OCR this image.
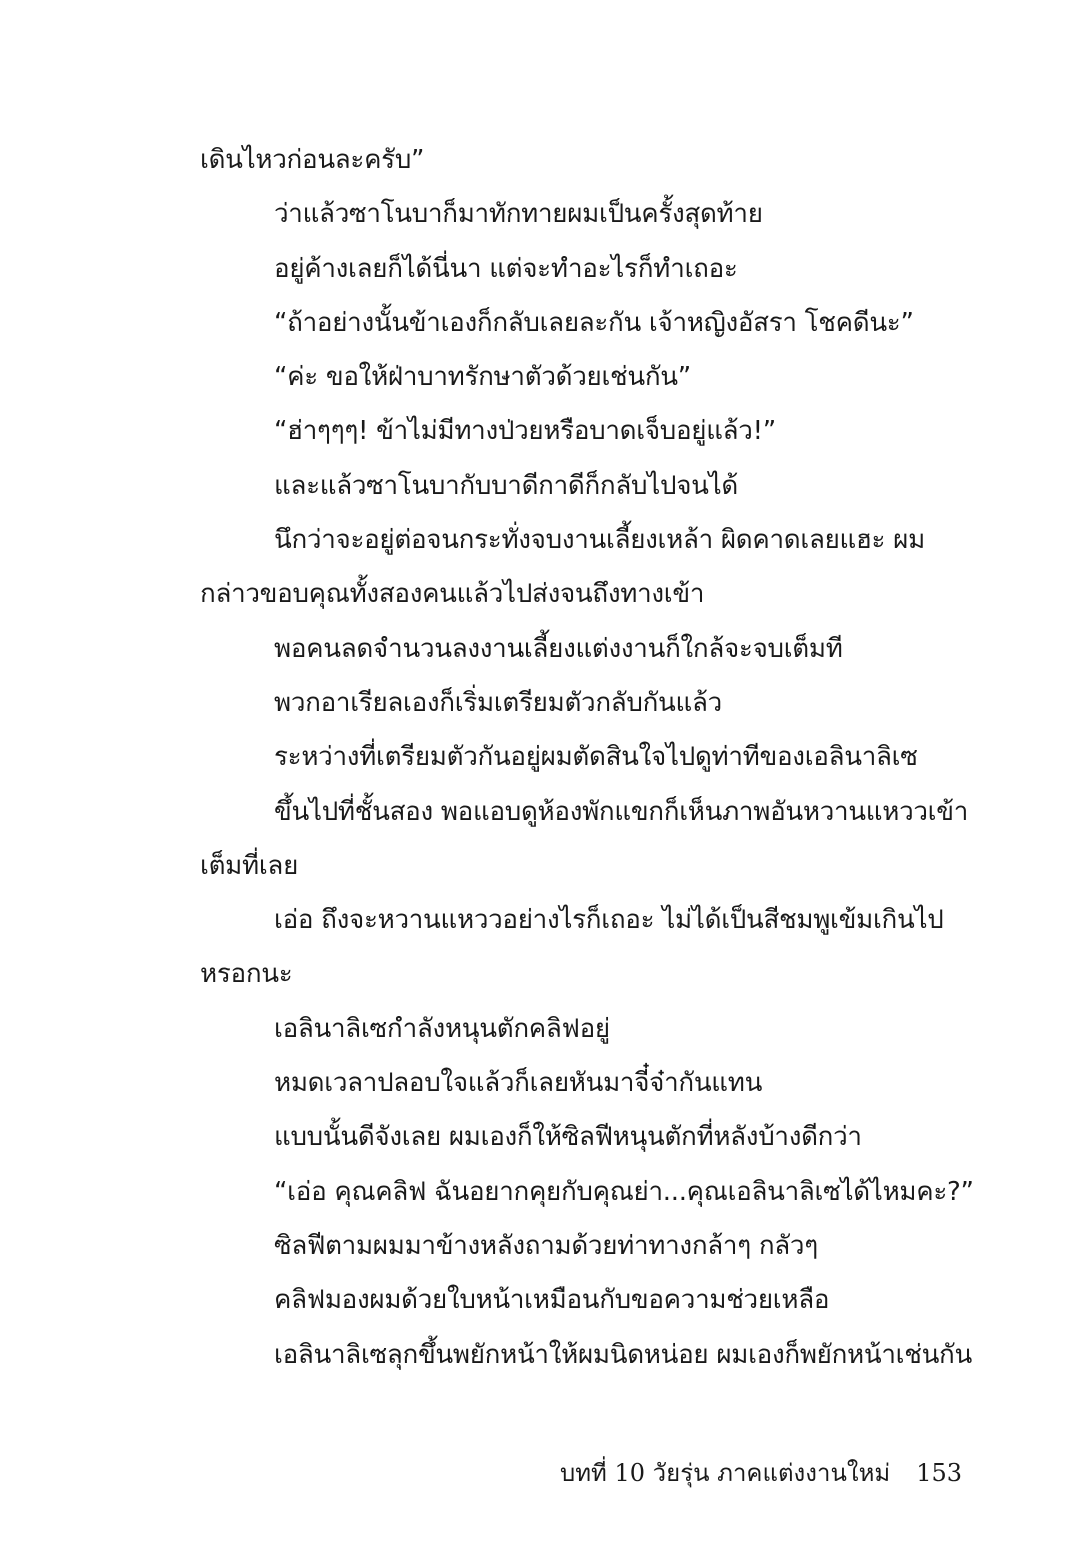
เดินไหวก่อนละครับ”
ว่าแล้วซาโนบาก็มาทักทายผมเป็นครั้งสุดท้าย
อยู่ค้างเลยก็ได้นี่นา แต่จะทำอะไรก็ทำเถอะ
“ถ้าอย่างนั้นข้าเองก็กลับเลยละกัน เจ้าหญิงอัสรา โชคดีนะ”
“ค่ะ ขอให้ฝ่าบาทรักษาตัวด้วยเช่นกัน”
“ฮ่าๆๆๆ! ข้าไม่มีทางป่วยหรือบาดเจ็บอยู่แล้ว!”
และแล้วซาโนบากับบาดีกาดีก็กลับไปจนได้
นึกว่าจะอยู่ต่อจนกระทั่งจบงานเลี้ยงเหล้า ผิดคาดเลยแฮะ ผม
กล่าวขอบคุณทั้งสองคนแล้วไปส่งจนถึงทางเข้า
พอคนลดจำนวนลงงานเลี้ยงแต่งงานก็ใกล้จะจบเต็มที
พวกอาเรียลเองก็เริ่มเตรียมตัวกลับกันแล้ว
ระหว่างที่เตรียมตัวกันอยู่ผมตัดสินใจไปดูท่าทีของเอลินาลิเซ
ขึ้นไปที่ชั้นสอง พอแอบดูห้องพักแขกก็เห็นภาพอันหวานแหววเข้า
เต็มที่เลย
เอ่อ ถึงจะหวานแหววอย่างไรก็เถอะ ไม่ได้เป็นสีชมพูเข้มเกินไป
หรอกนะ
เอลินาลิเซกำลังหนุนตักคลิฟอยู่
หมดเวลาปลอบใจแล้วก็เลยหันมาจี๋จ๋ากันแทน
แบบนั้นดีจังเลย ผมเองก็ให้ซิลฟีหนุนตักที่หลังบ้างดีกว่า
“เอ่อ คุณคลิฟ ฉันอยากคุยกับคุณย่า...คุณเอลินาลิเซได้ไหมคะ?”
ซิลฟีตามผมมาข้างหลังถามด้วยท่าทางกล้าๆ กลัวๆ
คลิฟมองผมด้วยใบหน้าเหมือนกับขอความช่วยเหลือ
เอลินาลิเซลุกขึ้นพยักหน้าให้ผมนิดหน่อย ผมเองก็พยักหน้าเช่นกัน
บทที่ 10 วัยรุ่น ภาคแต่งงานใหม่ 153
